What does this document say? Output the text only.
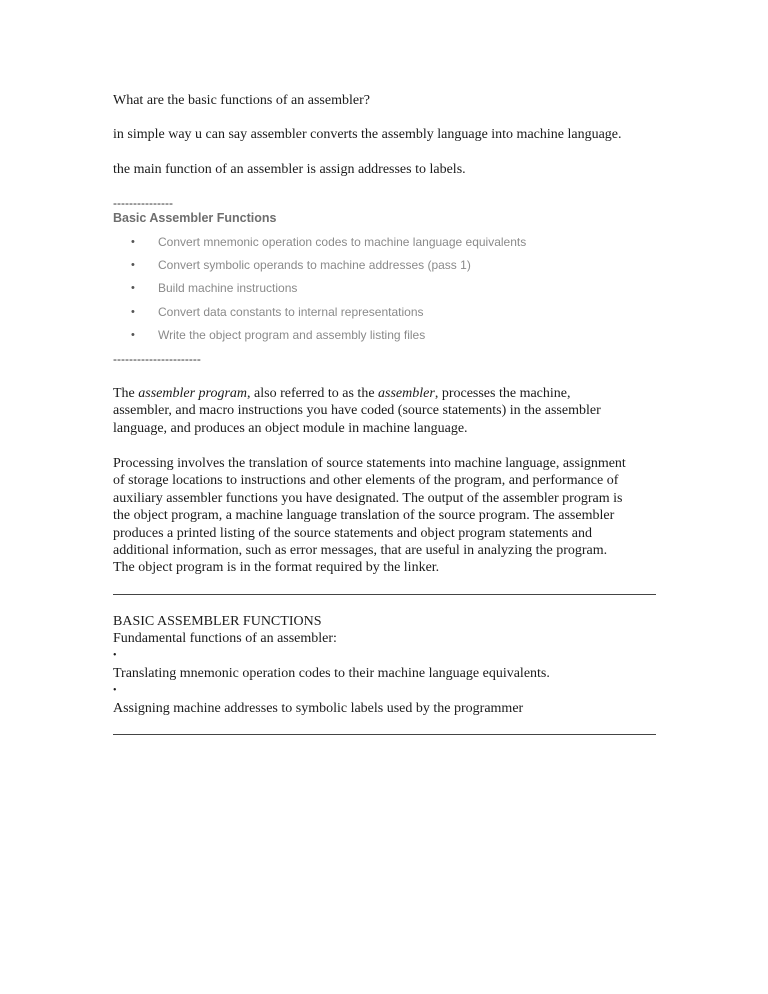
What are the basic functions of an assembler?
in simple way u can say assembler converts the assembly language into machine language.
the main function of an assembler is assign addresses to labels.
---------------
Basic Assembler Functions
• Convert mnemonic operation codes to machine language equivalents
• Convert symbolic operands to machine addresses (pass 1)
• Build machine instructions
• Convert data constants to internal representations
• Write the object program and assembly listing files
----------------------
The assembler program, also referred to as the assembler, processes the machine,
assembler, and macro instructions you have coded (source statements) in the assembler
language, and produces an object module in machine language.
Processing involves the translation of source statements into machine language, assignment
of storage locations to instructions and other elements of the program, and performance of
auxiliary assembler functions you have designated. The output of the assembler program is
the object program, a machine language translation of the source program. The assembler
produces a printed listing of the source statements and object program statements and
additional information, such as error messages, that are useful in analyzing the program.
The object program is in the format required by the linker.
BASIC ASSEMBLER FUNCTIONS
Fundamental functions of an assembler:
•
Translating mnemonic operation codes to their machine language equivalents.
•
Assigning machine addresses to symbolic labels used by the programmer
